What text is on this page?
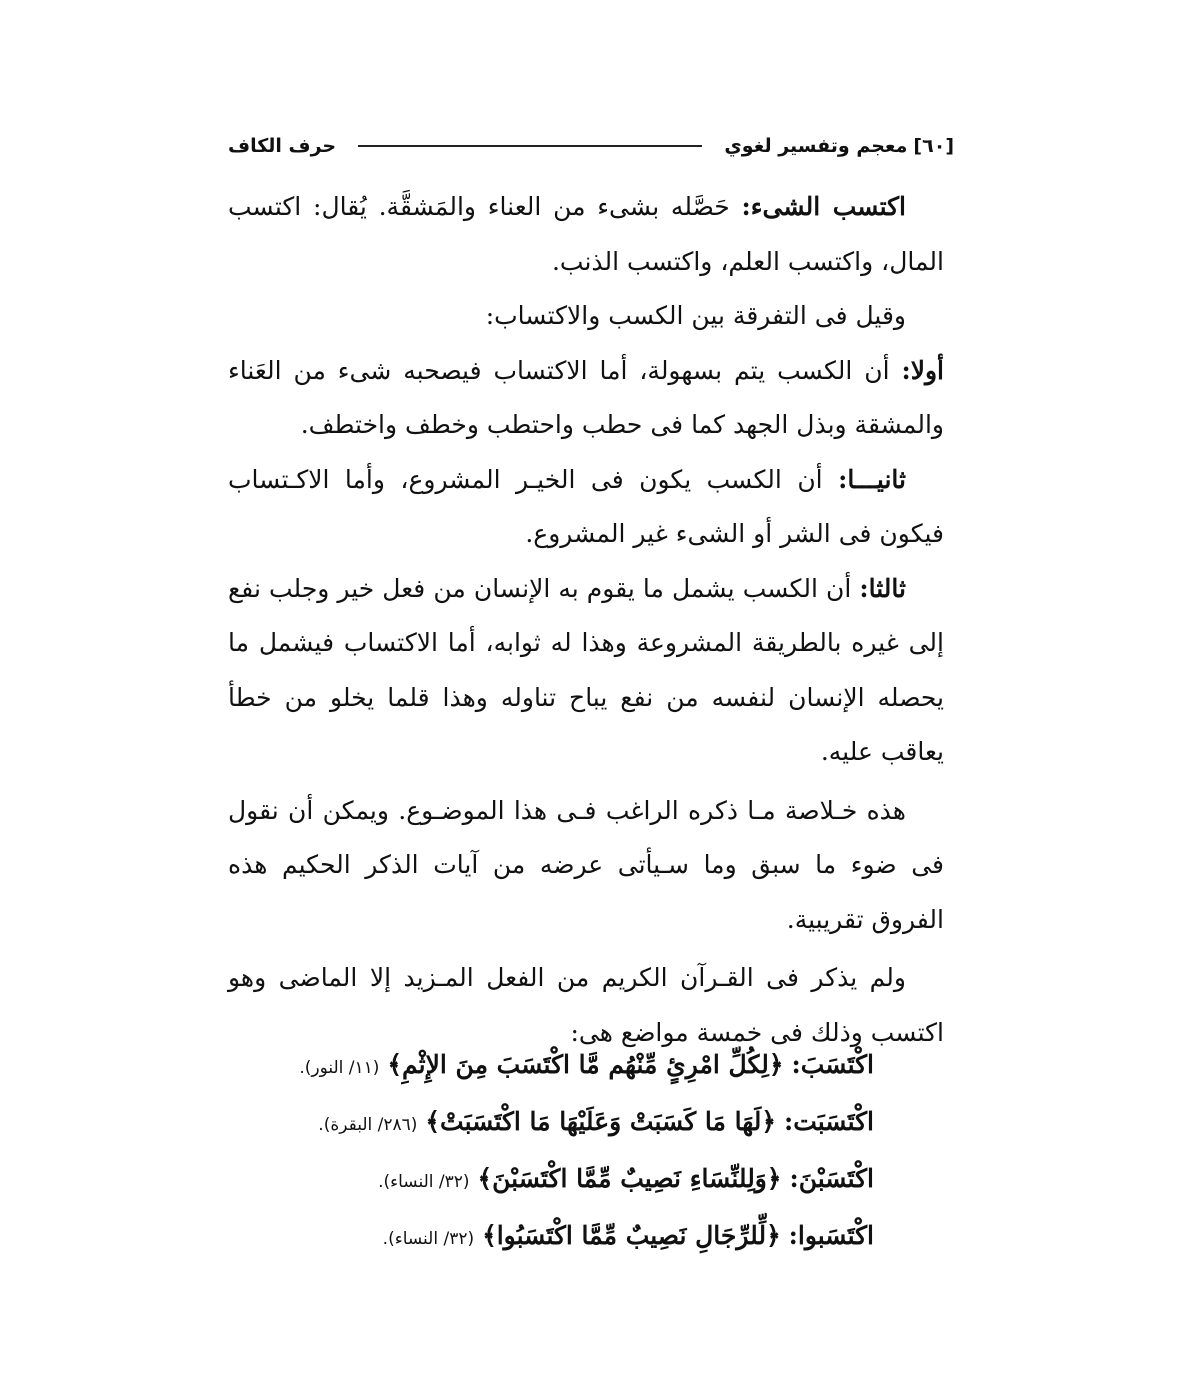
[٦٠]
معجم وتفسير لغوي
حرف الكاف

اكتسب الشىء: حَصَّله بشىء من العناء والمَشقَّة. يُقال: اكتسب المال، واكتسب العلم، واكتسب الذنب.

وقيل فى التفرقة بين الكسب والاكتساب:

أولا: أن الكسب يتم بسهولة، أما الاكتساب فيصحبه شىء من العَناء والمشقة وبذل الجهد كما فى حطب واحتطب وخطف واختطف.

ثانيـــا: أن الكسب يكون فى الخيـر المشروع، وأما الاكـتساب فيكون فى الشر أو الشىء غير المشروع.

ثالثا: أن الكسب يشمل ما يقوم به الإنسان من فعل خير وجلب نفع إلى غيره بالطريقة المشروعة وهذا له ثوابه، أما الاكتساب فيشمل ما يحصله الإنسان لنفسه من نفع يباح تناوله وهذا قلما يخلو من خطأ يعاقب عليه.

هذه خـلاصة مـا ذكره الراغب فـى هذا الموضـوع. ويمكن أن نقول فى ضوء ما سبق وما سـيأتى عرضه من آيات الذكر الحكيم هذه الفروق تقريبية.

ولم يذكر فى القـرآن الكريم من الفعل المـزيد إلا الماضى وهو اكتسب وذلك فى خمسة مواضع هى:

اكْتَسَبَ: ﴿لِكُلِّ امْرِئٍ مِّنْهُم مَّا اكْتَسَبَ مِنَ الإِثْمِ﴾ (١١/ النور).
اكْتَسَبَت: ﴿لَهَا مَا كَسَبَتْ وَعَلَيْهَا مَا اكْتَسَبَتْ﴾ (٢٨٦/ البقرة).
اكْتَسَبْنَ: ﴿وَلِلنِّسَاءِ نَصِيبٌ مِّمَّا اكْتَسَبْنَ﴾ (٣٢/ النساء).
اكْتَسَبوا: ﴿لِّلرِّجَالِ نَصِيبٌ مِّمَّا اكْتَسَبُوا﴾ (٣٢/ النساء).
